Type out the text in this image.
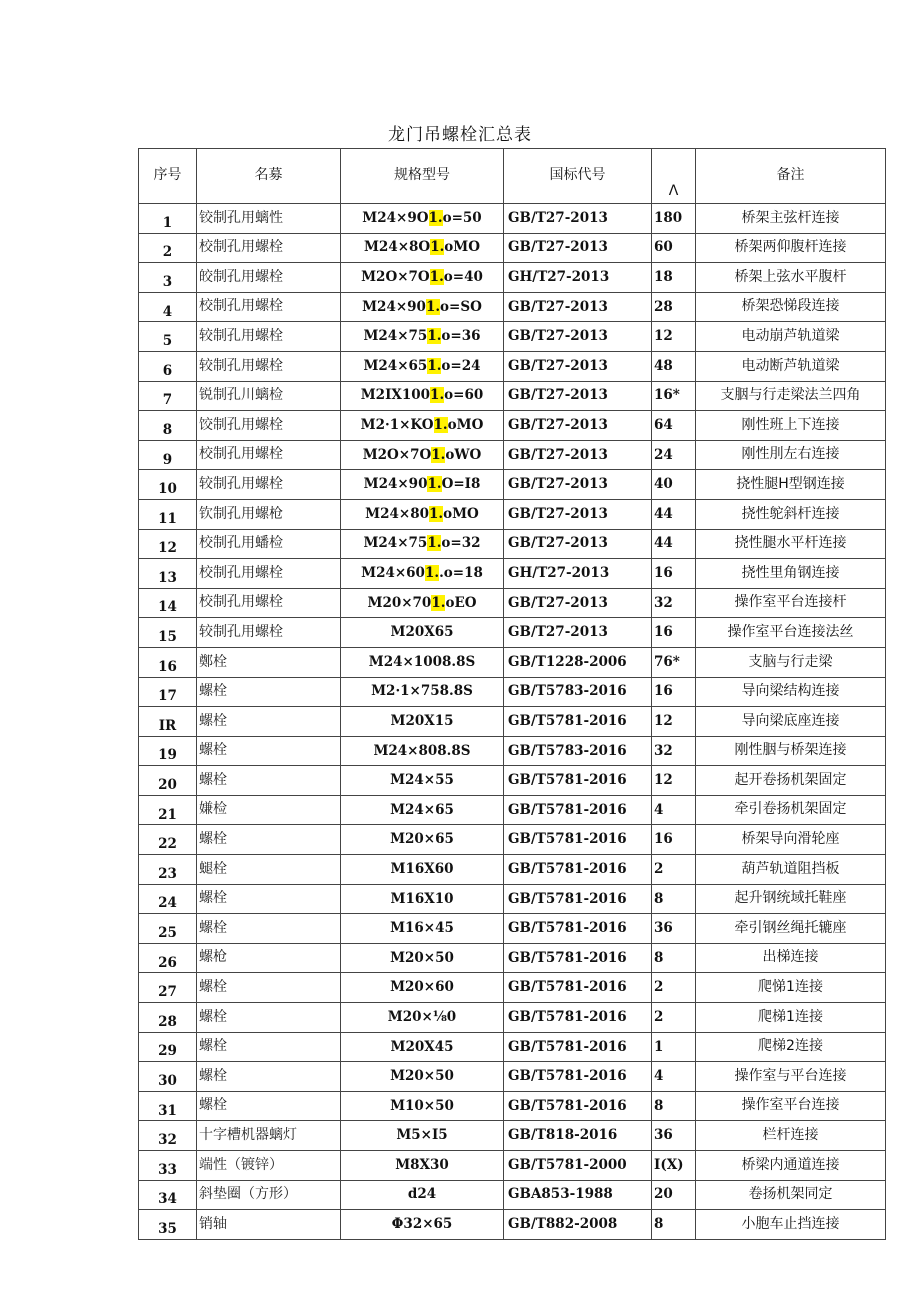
龙门吊螺栓汇总表
序号	名募	规格型号	国标代号	Λ	备注
1	铰制孔用螭性	M24×9O1.o=50	GB/T27-2013	180	桥架主弦杆连接
2	校制孔用螺栓	M24×8O1.oMO	GB/T27-2013	60	桥架两仰腹杆连接
3	皎制孔用螺栓	M2O×7O1.o=40	GH/T27-2013	18	桥架上弦水平腹杆
4	校制孔用螺栓	M24×901.o=SO	GB/T27-2013	28	桥架恐悌段连接
5	较制孔用螺栓	M24×751.o=36	GB/T27-2013	12	电动崩芦轨道梁
6	较制孔用螺栓	M24×651.o=24	GB/T27-2013	48	电动断芦轨道梁
7	锐制孔川螭检	M2IX1001.o=60	GB/T27-2013	16*	支胭与行走梁法兰四角
8	饺制孔用螺栓	M2·1×KO1.oMO	GB/T27-2013	64	刚性班上下连接
9	校制孔用螺栓	M2O×7O1.oWO	GB/T27-2013	24	刚性刖左右连接
10	较制孔用螺栓	M24×901.O=I8	GB/T27-2013	40	挠性腿H型钢连接
11	钦制孔用螺枪	M24×801.oMO	GB/T27-2013	44	挠性鸵斜杆连接
12	校制孔用蟠检	M24×751.o=32	GB/T27-2013	44	挠性腿水平杆连接
13	校制孔用螺栓	M24×601..o=18	GH/T27-2013	16	挠性里角钢连接
14	校制孔用螺栓	M20×701.oEO	GB/T27-2013	32	操作室平台连接杆
15	较制孔用螺栓	M20X65	GB/T27-2013	16	操作室平台连接法丝
16	鄭栓	M24×1008.8S	GB/T1228-2006	76*	支脑与行走梁
17	螺栓	M2·1×758.8S	GB/T5783-2016	16	导向梁结构连接
IR	螺栓	M20X15	GB/T5781-2016	12	导向梁底座连接
19	螺栓	M24×808.8S	GB/T5783-2016	32	刚性胭与桥架连接
20	螺栓	M24×55	GB/T5781-2016	12	起开卷扬机架固定
21	嫌检	M24×65	GB/T5781-2016	4	牵引卷扬机架固定
22	螺栓	M20×65	GB/T5781-2016	16	桥架导向滑轮座
23	螁栓	M16X60	GB/T5781-2016	2	葫芦轨道阻挡板
24	螺栓	M16X10	GB/T5781-2016	8	起升钢统域托鞋座
25	螺栓	M16×45	GB/T5781-2016	36	牵引钢丝绳托辘座
26	螺枪	M20×50	GB/T5781-2016	8	出梯连接
27	螺栓	M20×60	GB/T5781-2016	2	爬悌1连接
28	螺栓	M20×⅛0	GB/T5781-2016	2	爬梯1连接
29	螺栓	M20X45	GB/T5781-2016	1	爬梯2连接
30	螺栓	M20×50	GB/T5781-2016	4	操作室与平台连接
31	螺栓	M10×50	GB/T5781-2016	8	操作室平台连接
32	十字槽机器螭灯	M5×I5	GB/T818-2016	36	栏杆连接
33	端性（镀锌）	M8X30	GB/T5781-2000	I(X)	桥梁内通道连接
34	斜垫圈（方形）	d24	GBA853-1988	20	卷扬机架同定
35	销轴	Φ32×65	GB/T882-2008	8	小胞车止挡连接
